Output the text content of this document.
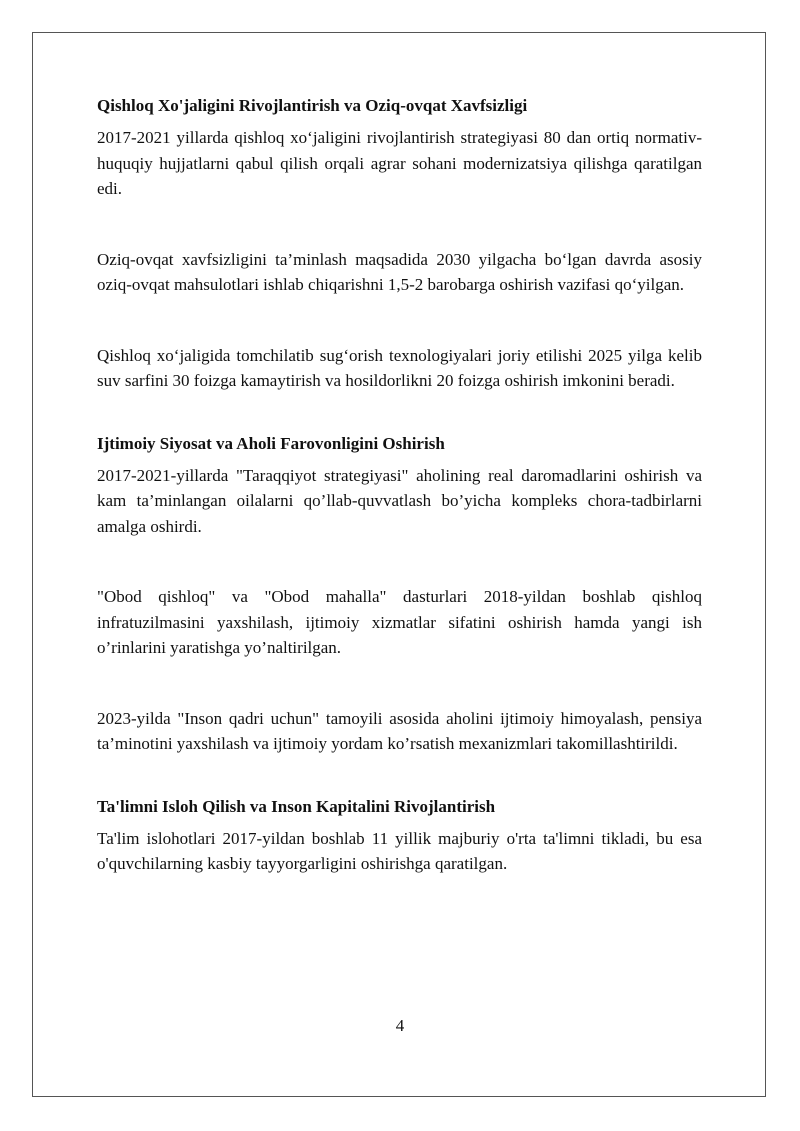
Qishloq Xo'jaligini Rivojlantirish va Oziq-ovqat Xavfsizligi

2017-2021 yillarda qishloq xo‘jaligini rivojlantirish strategiyasi 80 dan ortiq normativ-huquqiy hujjatlarni qabul qilish orqali agrar sohani modernizatsiya qilishga qaratilgan edi.

Oziq-ovqat xavfsizligini ta’minlash maqsadida 2030 yilgacha bo‘lgan davrda asosiy oziq-ovqat mahsulotlari ishlab chiqarishni 1,5-2 barobarga oshirish vazifasi qo‘yilgan.

Qishloq xo‘jaligida tomchilatib sug‘orish texnologiyalari joriy etilishi 2025 yilga kelib suv sarfini 30 foizga kamaytirish va hosildorlikni 20 foizga oshirish imkonini beradi.

Ijtimoiy Siyosat va Aholi Farovonligini Oshirish

2017-2021-yillarda "Taraqqiyot strategiyasi" aholining real daromadlarini oshirish va kam ta’minlangan oilalarni qo’llab-quvvatlash bo’yicha kompleks chora-tadbirlarni amalga oshirdi.

"Obod qishloq" va "Obod mahalla" dasturlari 2018-yildan boshlab qishloq infratuzilmasini yaxshilash, ijtimoiy xizmatlar sifatini oshirish hamda yangi ish o’rinlarini yaratishga yo’naltirilgan.

2023-yilda "Inson qadri uchun" tamoyili asosida aholini ijtimoiy himoyalash, pensiya ta’minotini yaxshilash va ijtimoiy yordam ko’rsatish mexanizmlari takomillashtirildi.

Ta'limni Isloh Qilish va Inson Kapitalini Rivojlantirish

Ta'lim islohotlari 2017-yildan boshlab 11 yillik majburiy o'rta ta'limni tikladi, bu esa o'quvchilarning kasbiy tayyorgarligini oshirishga qaratilgan.

4
